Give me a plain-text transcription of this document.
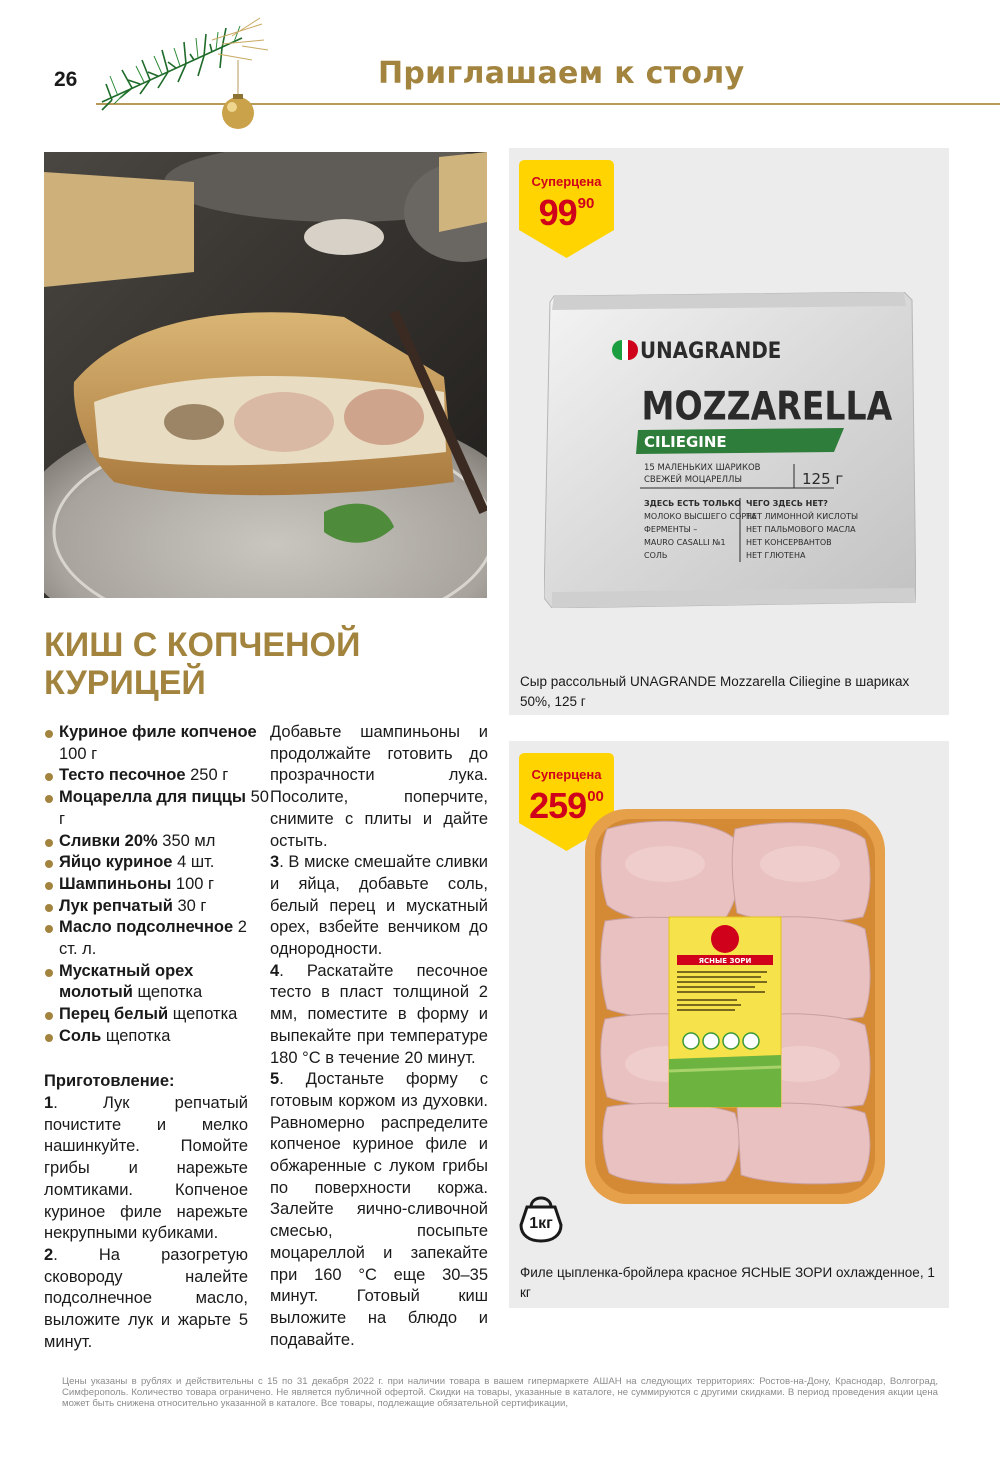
26	Приглашаем к столу
КИШ С КОПЧЕНОЙ КУРИЦЕЙ
Куриное филе копченое 100 г
Тесто песочное 250 г
Моцарелла для пиццы 50 г
Сливки 20% 350 мл
Яйцо куриное 4 шт.
Шампиньоны 100 г
Лук репчатый 30 г
Масло подсолнечное 2 ст. л.
Мускатный орех молотый щепотка
Перец белый щепотка
Соль щепотка
Приготовление:

1. Лук репчатый почистите и мелко нашинкуйте. Помойте грибы и нарежьте ломтиками. Копченое куриное филе нарежьте некрупными кубиками.

2. На разогретую сковороду налейте подсолнечное масло, выложите лук и жарьте 5 минут.

Добавьте шампиньоны и продолжайте готовить до прозрачности лука. Посолите, поперчите, снимите с плиты и дайте остыть.

3. В миске смешайте сливки и яйца, добавьте соль, белый перец и мускатный орех, взбейте венчиком до однородности.

4. Раскатайте песочное тесто в пласт толщиной 2 мм, поместите в форму и выпекайте при температуре 180 °С в течение 20 минут.

5. Достаньте форму с готовым коржом из духовки. Равномерно распределите копченое куриное филе и обжаренные с луком грибы по поверхности коржа. Залейте яично-сливочной смесью, посыпьте моцареллой и запекайте при 160 °С еще 30–35 минут. Готовый киш выложите на блюдо и подавайте.

Суперцена
9990
UNAGRANDE
MOZZARELLA
CILIEGINE
15 МАЛЕНЬКИХ ШАРИКОВ
СВЕЖЕЙ МОЦАРЕЛЛЫ	125 г
ЗДЕСЬ ЕСТЬ ТОЛЬКО
МОЛОКО ВЫСШЕГО СОРТА
ФЕРМЕНТЫ –
MAURO CASALLI №1
СОЛЬ
ЧЕГО ЗДЕСЬ НЕТ?
НЕТ ЛИМОННОЙ КИСЛОТЫ
НЕТ ПАЛЬМОВОГО МАСЛА
НЕТ КОНСЕРВАНТОВ
НЕТ ГЛЮТЕНА
Сыр рассольный UNAGRANDE Mozzarella Ciliegine в шариках 50%, 125 г
Суперцена
25900
ЯСНЫЕ ЗОРИ
1кг
Филе цыпленка-бройлера красное ЯСНЫЕ ЗОРИ охлажденное, 1 кг
Цены указаны в рублях и действительны с 15 по 31 декабря 2022 г. при наличии товара в вашем гипермаркете АШАН на следующих территориях: Ростов-на-Дону, Краснодар, Волгоград, Симферополь. Количество товара ограничено. Не является публичной офертой. Скидки на товары, указанные в каталоге, не суммируются с другими скидками. В период проведения акции цена может быть снижена относительно указанной в каталоге. Все товары, подлежащие обязательной сертификации,
